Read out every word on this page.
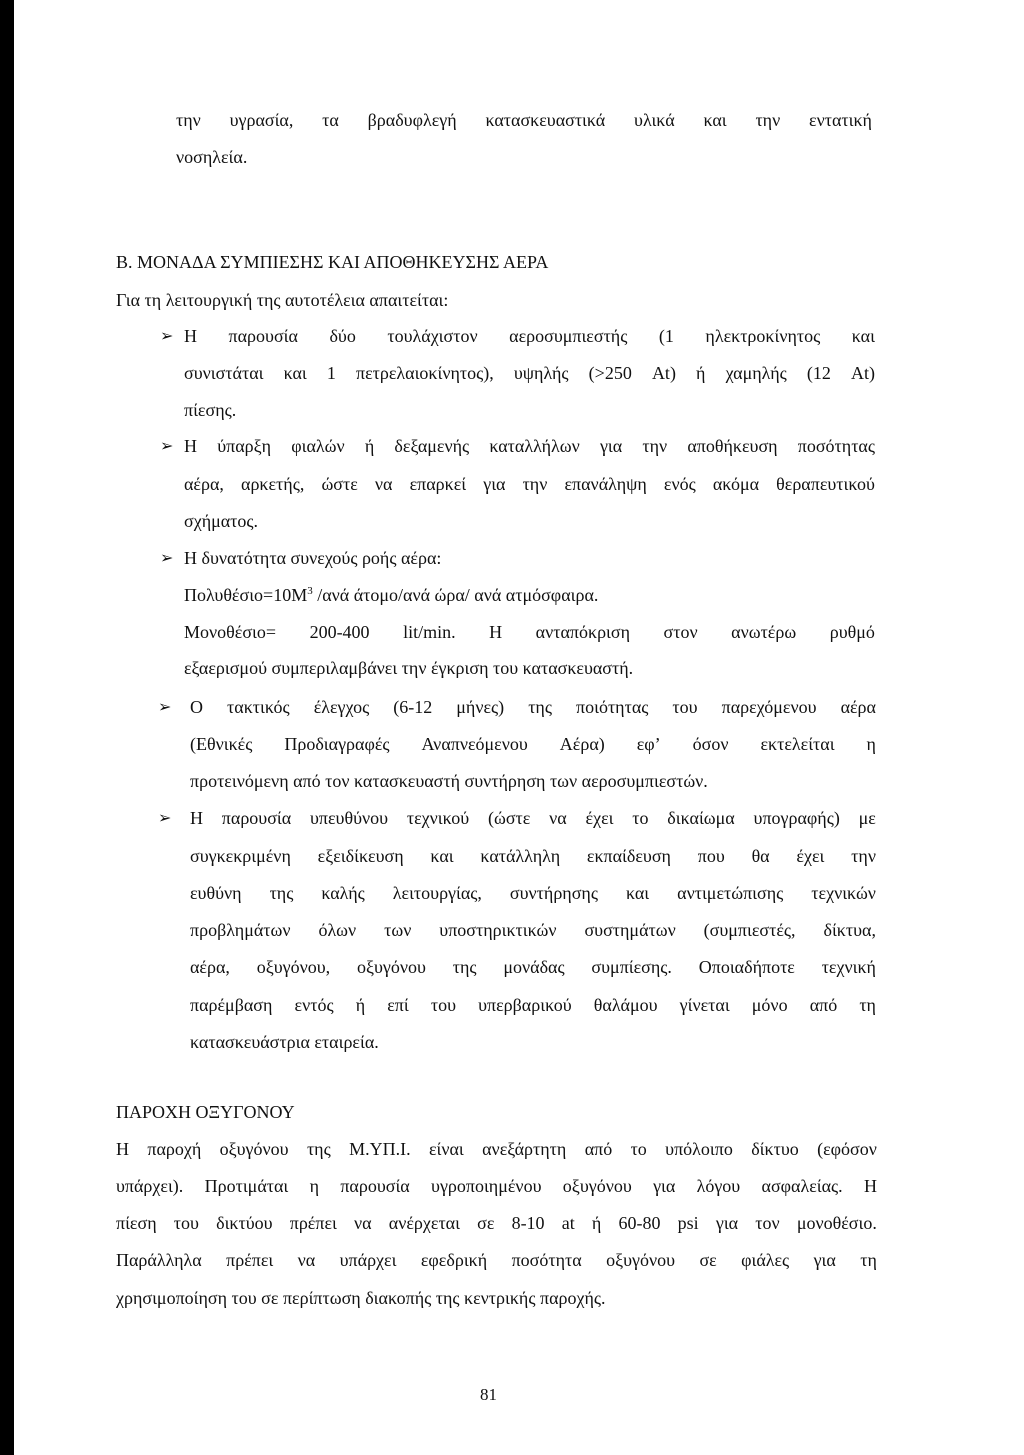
την υγρασία, τα βραδυφλεγή κατασκευαστικά υλικά και την εντατική
νοσηλεία.
Β. ΜΟΝΑΔΑ ΣΥΜΠΙΕΣΗΣ ΚΑΙ ΑΠΟΘΗΚΕΥΣΗΣ ΑΕΡΑ
Για τη λειτουργική της αυτοτέλεια απαιτείται:
➢ Η παρουσία δύο τουλάχιστον αεροσυμπιεστής (1 ηλεκτροκίνητος και
συνιστάται και 1 πετρελαιοκίνητος), υψηλής (>250 At) ή χαμηλής (12 At)
πίεσης.
➢ Η ύπαρξη φιαλών ή δεξαμενής καταλλήλων για την αποθήκευση ποσότητας
αέρα, αρκετής, ώστε να επαρκεί για την επανάληψη ενός ακόμα θεραπευτικού
σχήματος.
➢ Η δυνατότητα συνεχούς ροής αέρα:
$\Pi o\lambda\upsilon\theta έ\sigma\iota o=10M^3$ /ανά άτομο/ανά ώρα/ ανά ατμόσφαιρα.
Μονοθέσιο= 200-400 lit/min. Η ανταπόκριση στον ανωτέρω ρυθμό
εξαερισμού συμπεριλαμβάνει την έγκριση του κατασκευαστή.
➢ Ο τακτικός έλεγχος (6-12 μήνες) της ποιότητας του παρεχόμενου αέρα
(Εθνικές Προδιαγραφές Αναπνεόμενου Αέρα) εφ’ όσον εκτελείται η
προτεινόμενη από τον κατασκευαστή συντήρηση των αεροσυμπιεστών.
➢ Η παρουσία υπευθύνου τεχνικού (ώστε να έχει το δικαίωμα υπογραφής) με
συγκεκριμένη εξειδίκευση και κατάλληλη εκπαίδευση που θα έχει την
ευθύνη της καλής λειτουργίας, συντήρησης και αντιμετώπισης τεχνικών
προβλημάτων όλων των υποστηρικτικών συστημάτων (συμπιεστές, δίκτυα,
αέρα, οξυγόνου, οξυγόνου της μονάδας συμπίεσης. Οποιαδήποτε τεχνική
παρέμβαση εντός ή επί του υπερβαρικού θαλάμου γίνεται μόνο από τη
κατασκευάστρια εταιρεία.
ΠΑΡΟΧΗ ΟΞΥΓΟΝΟΥ
Η παροχή οξυγόνου της Μ.ΥΠ.Ι. είναι ανεξάρτητη από το υπόλοιπο δίκτυο (εφόσον
υπάρχει). Προτιμάται η παρουσία υγροποιημένου οξυγόνου για λόγου ασφαλείας. Η
πίεση του δικτύου πρέπει να ανέρχεται σε 8-10 at ή 60-80 psi για τον μονοθέσιο.
Παράλληλα πρέπει να υπάρχει εφεδρική ποσότητα οξυγόνου σε φιάλες για τη
χρησιμοποίηση του σε περίπτωση διακοπής της κεντρικής παροχής.
81
